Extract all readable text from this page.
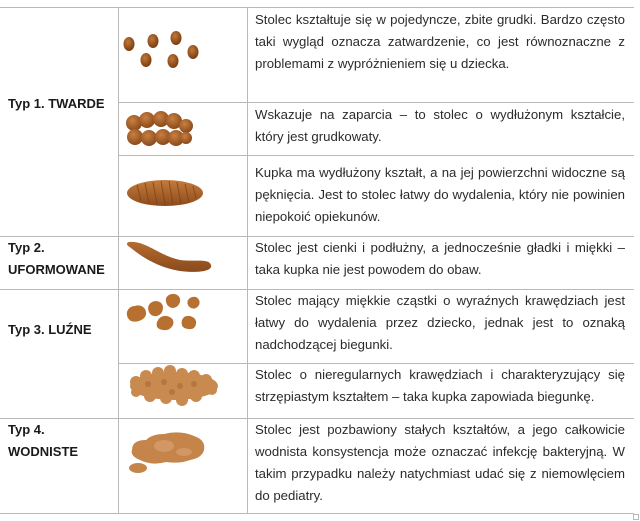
Typ 1. TWARDE
Typ 2.
UFORMOWANE
Typ 3. LUŹNE
Typ 4.
WODNISTE
Stolec kształtuje się w pojedyncze, zbite grudki. Bardzo często taki wygląd oznacza zatwardzenie, co jest równoznaczne z problemami z wypróżnieniem się u dziecka.
Wskazuje na zaparcia – to stolec o wydłużonym kształcie, który jest grudkowaty.
Kupka ma wydłużony kształt, a na jej powierzchni widoczne są pęknięcia. Jest to stolec łatwy do wydalenia, który nie powinien niepokoić opiekunów.
Stolec jest cienki i podłużny, a jednocześnie gładki i miękki – taka kupka nie jest powodem do obaw.
Stolec mający miękkie cząstki o wyraźnych krawędziach jest łatwy do wydalenia przez dziecko, jednak jest to oznaką nadchodzącej biegunki.
Stolec o nieregularnych krawędziach i charakteryzujący się strzępiastym kształtem – taka kupka zapowiada biegunkę.
Stolec jest pozbawiony stałych kształtów, a jego całkowicie wodnista konsystencja może oznaczać infekcję bakteryjną. W takim przypadku należy natychmiast udać się z niemowlęciem do pediatry.
